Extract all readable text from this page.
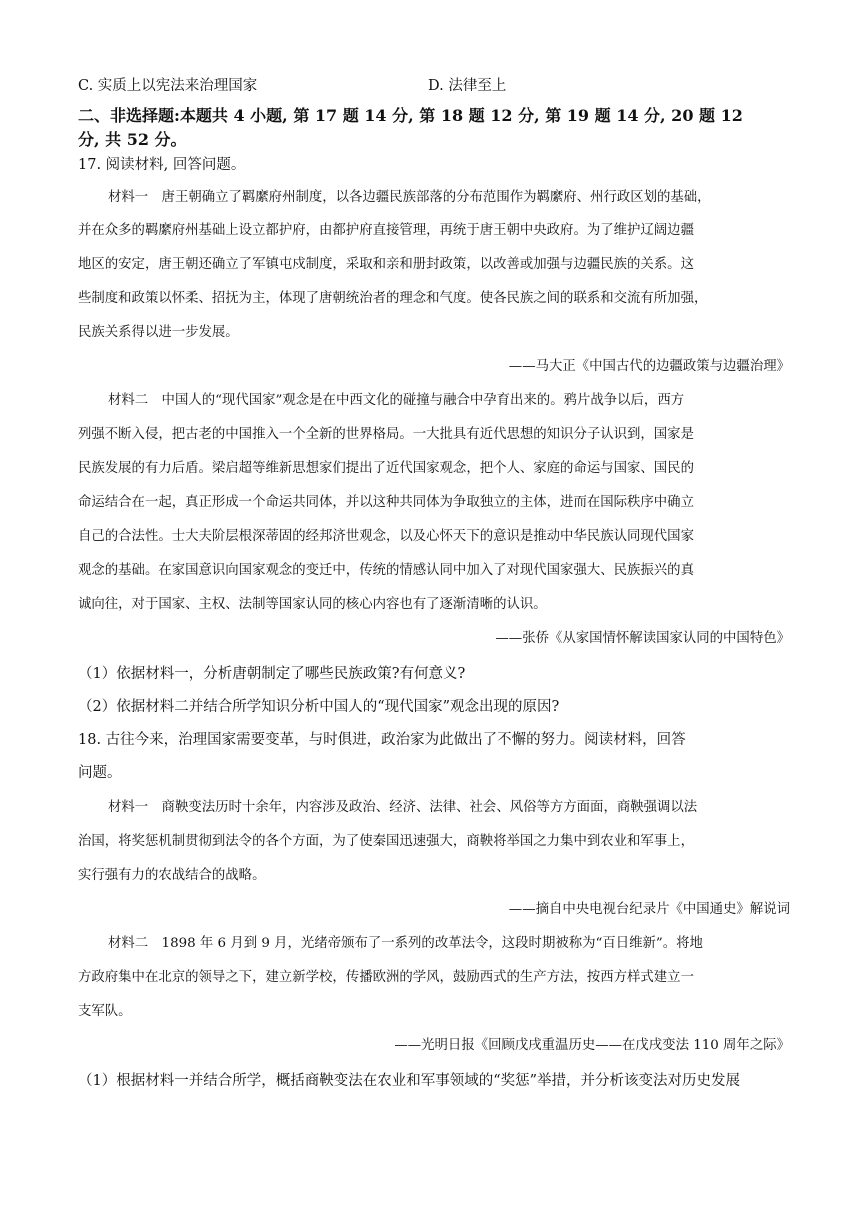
C. 实质上以宪法来治理国家	D. 法律至上
二、非选择题:本题共 4 小题, 第 17 题 14 分, 第 18 题 12 分, 第 19 题 14 分, 20 题 12
分, 共 52 分。
17. 阅读材料, 回答问题。
材料一　唐王朝确立了羁縻府州制度，以各边疆民族部落的分布范围作为羁縻府、州行政区划的基础，
并在众多的羁縻府州基础上设立都护府，由都护府直接管理，再统于唐王朝中央政府。为了维护辽阔边疆
地区的安定，唐王朝还确立了军镇屯戍制度，采取和亲和册封政策，以改善或加强与边疆民族的关系。这
些制度和政策以怀柔、招抚为主，体现了唐朝统治者的理念和气度。使各民族之间的联系和交流有所加强，
民族关系得以进一步发展。
——马大正《中国古代的边疆政策与边疆治理》
材料二　中国人的“现代国家”观念是在中西文化的碰撞与融合中孕育出来的。鸦片战争以后，西方
列强不断入侵，把古老的中国推入一个全新的世界格局。一大批具有近代思想的知识分子认识到，国家是
民族发展的有力后盾。梁启超等维新思想家们提出了近代国家观念，把个人、家庭的命运与国家、国民的
命运结合在一起，真正形成一个命运共同体，并以这种共同体为争取独立的主体，进而在国际秩序中确立
自己的合法性。士大夫阶层根深蒂固的经邦济世观念，以及心怀天下的意识是推动中华民族认同现代国家
观念的基础。在家国意识向国家观念的变迁中，传统的情感认同中加入了对现代国家强大、民族振兴的真
诚向往，对于国家、主权、法制等国家认同的核心内容也有了逐渐清晰的认识。
——张侨《从家国情怀解读国家认同的中国特色》
（1）依据材料一，分析唐朝制定了哪些民族政策?有何意义?
（2）依据材料二并结合所学知识分析中国人的“现代国家”观念出现的原因?
18. 古往今来，治理国家需要变革，与时俱进，政治家为此做出了不懈的努力。阅读材料，回答
问题。
材料一　商鞅变法历时十余年，内容涉及政治、经济、法律、社会、风俗等方方面面，商鞅强调以法
治国，将奖惩机制贯彻到法令的各个方面，为了使秦国迅速强大，商鞅将举国之力集中到农业和军事上，
实行强有力的农战结合的战略。
——摘自中央电视台纪录片《中国通史》解说词
材料二　1898 年 6 月到 9 月，光绪帝颁布了一系列的改革法令，这段时期被称为“百日维新”。将地
方政府集中在北京的领导之下，建立新学校，传播欧洲的学风，鼓励西式的生产方法，按西方样式建立一
支军队。
——光明日报《回顾戊戌重温历史——在戊戌变法 110 周年之际》
（1）根据材料一并结合所学，概括商鞅变法在农业和军事领域的“奖惩”举措，并分析该变法对历史发展
